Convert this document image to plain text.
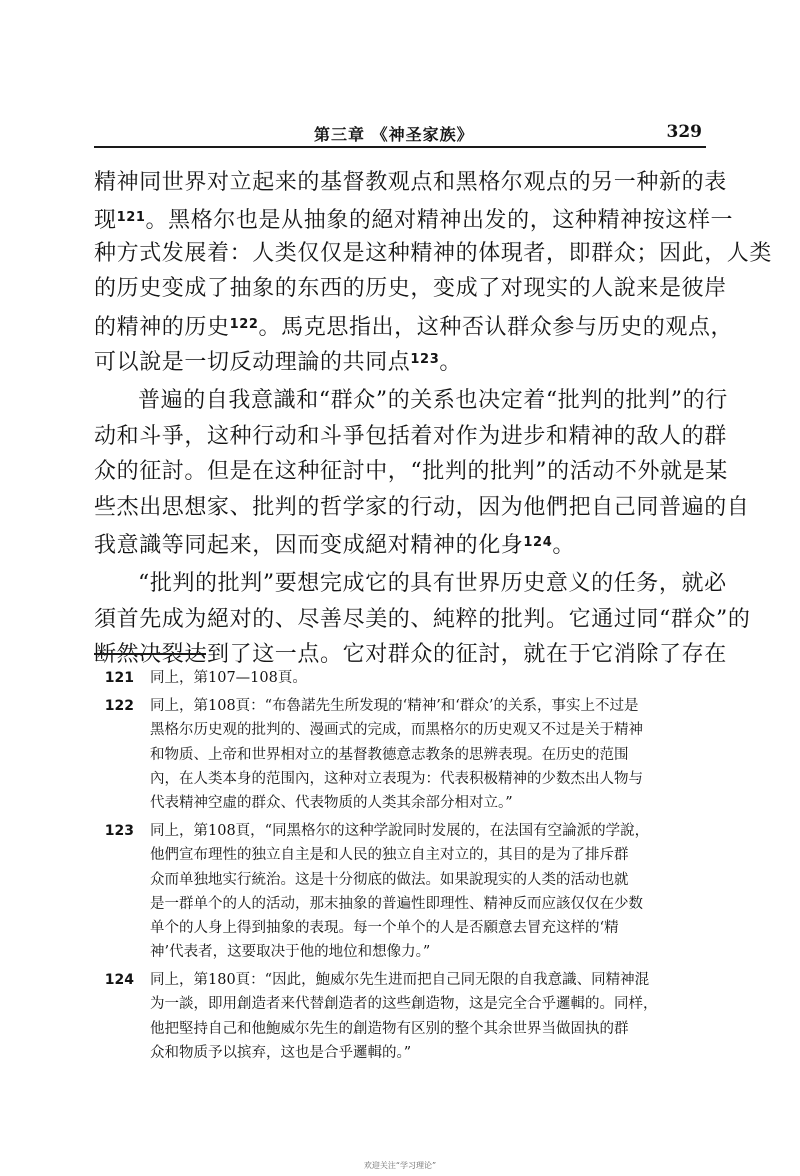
第三章 《神圣家族》	329
精神同世界对立起来的基督教观点和黑格尔观点的另一种新的表
现$^{121}$。黑格尔也是从抽象的絕对精神出发的，这种精神按这样一
种方式发展着：人类仅仅是这种精神的体現者，即群众；因此，人类
的历史变成了抽象的东西的历史，变成了对现实的人說来是彼岸
的精神的历史$^{122}$。馬克思指出，这种否认群众参与历史的观点，
可以說是一切反动理論的共同点$^{123}$。
普遍的自我意識和“群众”的关系也决定着“批判的批判”的行
动和斗爭，这种行动和斗爭包括着对作为进步和精神的敌人的群
众的征討。但是在这种征討中，“批判的批判”的活动不外就是某
些杰出思想家、批判的哲学家的行动，因为他們把自己同普遍的自
我意識等同起来，因而变成絕对精神的化身$^{124}$。
“批判的批判”要想完成它的具有世界历史意义的任务，就必
須首先成为絕对的、尽善尽美的、純粹的批判。它通过同“群众”的
断然决裂达到了这一点。它对群众的征討，就在于它消除了存在
121 同上，第107—108頁。
122 同上，第108頁：“布魯諾先生所发現的‘精神’和‘群众’的关系，事实上不过是
黑格尔历史观的批判的、漫画式的完成，而黑格尔的历史观又不过是关于精神
和物质、上帝和世界相对立的基督教德意志教条的思辨表現。在历史的范围
內，在人类本身的范围內，这种对立表現为：代表积极精神的少数杰出人物与
代表精神空虛的群众、代表物质的人类其余部分相对立。”
123 同上，第108頁，“同黑格尔的这种学說同时发展的，在法国有空論派的学說，
他們宣布理性的独立自主是和人民的独立自主对立的，其目的是为了排斥群
众而单独地实行統治。这是十分彻底的做法。如果說現实的人类的活动也就
是一群单个的人的活动，那末抽象的普遍性即理性、精神反而应該仅仅在少数
单个的人身上得到抽象的表現。每一个单个的人是否願意去冒充这样的‘精
神’代表者，这要取决于他的地位和想像力。”
124 同上，第180頁：“因此，鮑威尔先生进而把自己同无限的自我意識、同精神混
为一談，即用創造者来代替創造者的这些創造物，这是完全合乎邏輯的。同样，
他把堅持自己和他鮑威尔先生的創造物有区别的整个其余世界当做固执的群
众和物质予以摈弃，这也是合乎邏輯的。”
欢迎关注“学习理论”
